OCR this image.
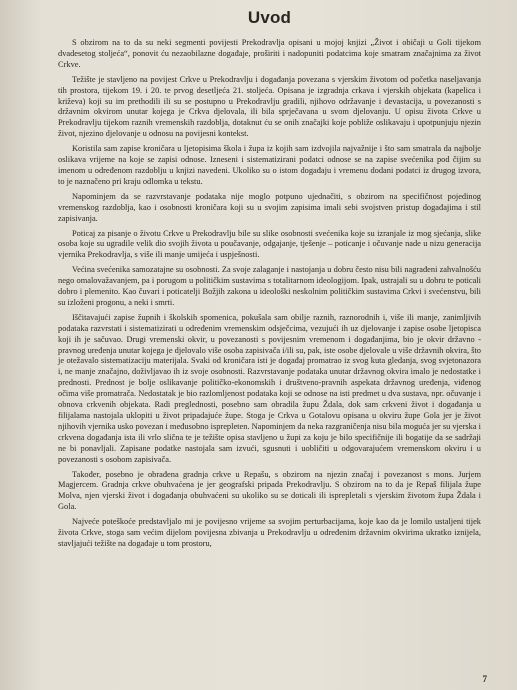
Uvod

S obzirom na to da su neki segmenti povijesti Prekodravlja opisani u mojoj knjizi „Život i običaji u Goli tijekom dvadesetog stoljeća“, ponovit ću nezaobilazne događaje, proširiti i nadopuniti podatcima koje smatram značajnima za život Crkve.

Težište je stavljeno na povijest Crkve u Prekodravlju i događanja povezana s vjerskim životom od početka naseljavanja tih prostora, tijekom 19. i 20. te prvog desetljeća 21. stoljeća. Opisana je izgradnja crkava i vjerskih objekata (kapelica i križeva) koji su im prethodili ili su se postupno u Prekodravlju gradili, njihovo održavanje i devastacija, u povezanosti s državnim okvirom unutar kojega je Crkva djelovala, ili bila sprječavana u svom djelovanju. U opisu života Crkve u Prekodravlju tijekom raznih vremenskih razdoblja, dotaknut ću se onih značajki koje pobliže oslikavaju i upotpunjuju njezin život, njezino djelovanje u odnosu na povijesni kontekst.

Koristila sam zapise kroničara u ljetopisima škola i župa iz kojih sam izdvojila najvažnije i što sam smatrala da najbolje oslikava vrijeme na koje se zapisi odnose. Izneseni i sistematizirani podatci odnose se na zapise svećenika pod čijim su imenom u određenom razdoblju u knjizi navedeni. Ukoliko su o istom događaju i vremenu dodani podatci iz drugog izvora, to je naznačeno pri kraju odlomka u tekstu.

Napominjem da se razvrstavanje podataka nije moglo potpuno ujednačiti, s obzirom na specifičnost pojedinog vremenskog razdoblja, kao i osobnosti kroničara koji su u svojim zapisima imali sebi svojstven pristup događajima i stil zapisivanja.

Poticaj za pisanje o životu Crkve u Prekodravlju bile su slike osobnosti svećenika koje su izranjale iz mog sjećanja, slike osoba koje su ugradile velik dio svojih života u poučavanje, odgajanje, tješenje – poticanje i očuvanje nade u nizu generacija vjernika Prekodravlja, s više ili manje umijeća i uspješnosti.

Većina svećenika samozatajne su osobnosti. Za svoje zalaganje i nastojanja u dobru često nisu bili nagrađeni zahvalnošću nego omalovažavanjem, pa i porugom u političkim sustavima s totalitarnom ideologijom. Ipak, ustrajali su u dobru te poticali dobro i plemenito. Kao čuvari i poticatelji Božjih zakona u ideološki neskolnim političkim sustavima Crkvi i svećenstvu, bili su izloženi progonu, a neki i smrti.

Iščitavajući zapise župnih i školskih spomenica, pokušala sam obilje raznih, raznorodnih i, više ili manje, zanimljivih podataka razvrstati i sistematizirati u određenim vremenskim odsječcima, vezujući ih uz djelovanje i zapise osobe ljetopisca koji ih je sačuvao. Drugi vremenski okvir, u povezanosti s povijesnim vremenom i događanjima, bio je okvir državno - pravnog uređenja unutar kojega je djelovalo više osoba zapisivača i/ili su, pak, iste osobe djelovale u više državnih okvira, što je otežavalo sistematizaciju materijala. Svaki od kroničara isti je događaj promatrao iz svog kuta gledanja, svog svjetonazora i, ne manje značajno, doživljavao ih iz svoje osobnosti. Razvrstavanje podataka unutar državnog okvira imalo je nedostatke i prednosti. Prednost je bolje oslikavanje političko-ekonomskih i društveno-pravnih aspekata državnog uređenja, viđenog očima više promatrača. Nedostatak je bio razlomljenost podataka koji se odnose na isti predmet u dva sustava, npr. očuvanje i obnova crkvenih objekata. Radi preglednosti, posebno sam obradila župu Ždala, dok sam crkveni život i događanja u filijalama nastojala uklopiti u život pripadajuće župe. Stoga je Crkva u Gotalovu opisana u okviru župe Gola jer je život njihovih vjernika usko povezan i međusobno isprepleten. Napominjem da neka razgraničenja nisu bila moguća jer su vjerska i crkvena događanja ista ili vrlo slična te je težište opisa stavljeno u župi za koju je bilo specifičnije ili bogatije da se sadržaji ne bi ponavljali. Zapisane podatke nastojala sam izvući, sgusnuti i uobličiti u odgovarajućem vremenskom okviru i u povezanosti s osobom zapisivača.

Također, posebno je obrađena gradnja crkve u Repašu, s obzirom na njezin značaj i povezanost s mons. Jurjem Magjercem. Gradnja crkve obuhvaćena je jer geografski pripada Prekodravlju. S obzirom na to da je Repaš filijala župe Molva, njen vjerski život i događanja obuhvaćeni su ukoliko su se doticali ili isprepletali s vjerskim životom župa Ždala i Gola.

Najveće poteškoće predstavljalo mi je povijesno vrijeme sa svojim perturbacijama, koje kao da je lomilo ustaljeni tijek života Crkve, stoga sam većim dijelom povijesna zbivanja u Prekodravlju u određenim državnim okvirima ukratko iznijela, stavljajući težište na događaje u tom prostoru,

7
